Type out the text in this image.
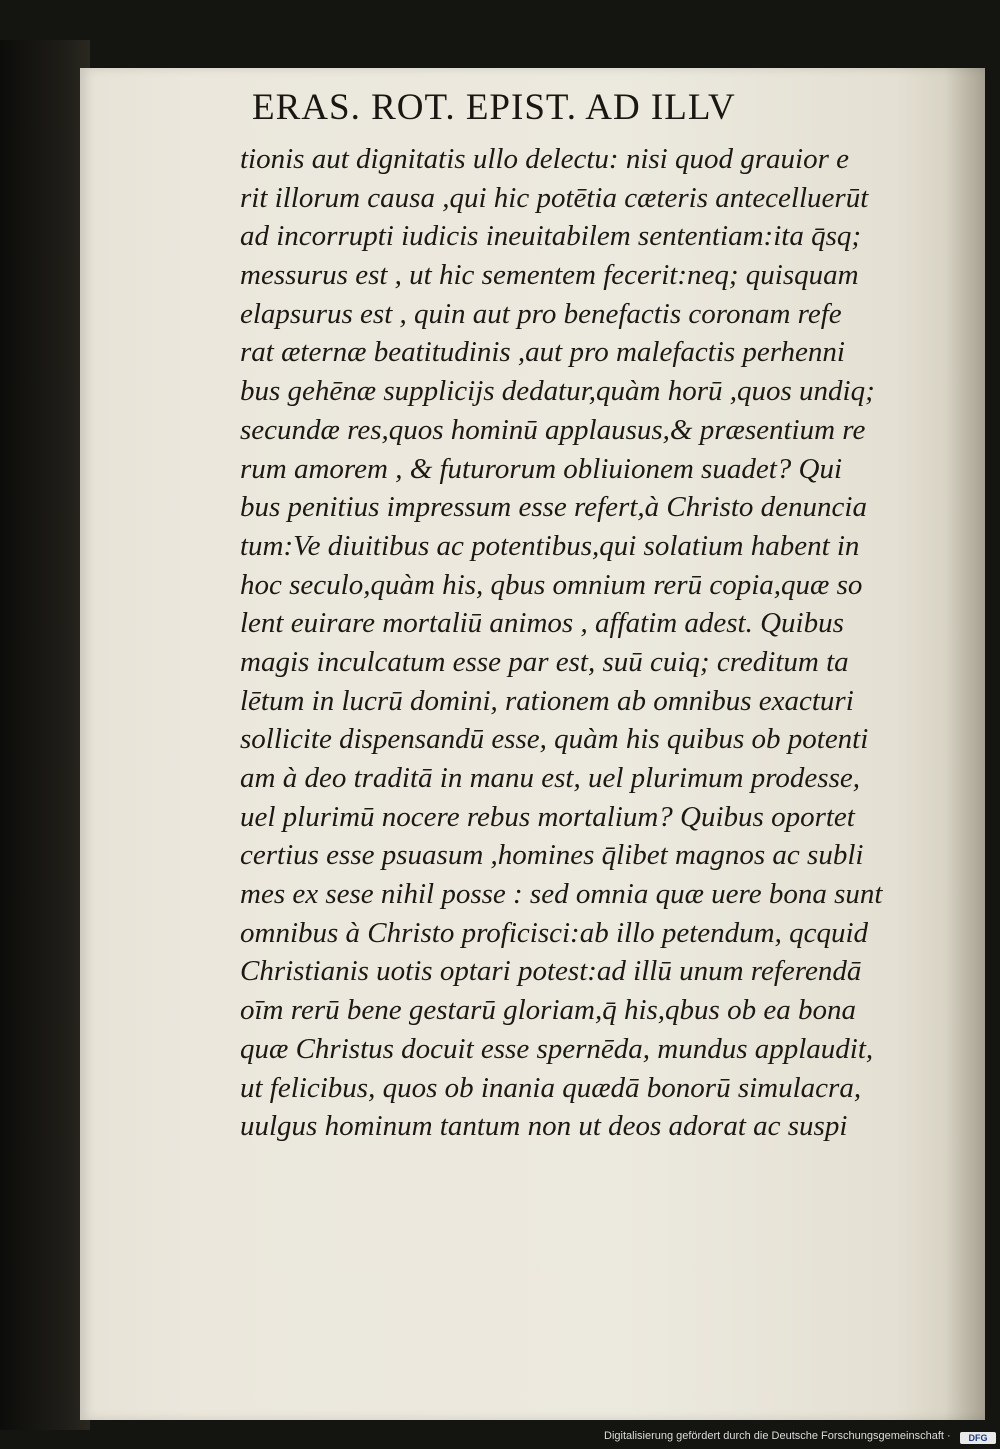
ERAS. ROT. EPIST. AD ILLV
tionis aut dignitatis ullo delectu: nisi quod grauior e
rit illorum causa ,qui hic potētia cæteris antecelluerūt
ad incorrupti iudicis ineuitabilem sententiam:ita q̄sq;
messurus est , ut hic sementem fecerit:neq; quisquam
elapsurus est , quin aut pro benefactis coronam refe
rat æternæ beatitudinis ,aut pro malefactis perhenni
bus gehēnæ supplicijs dedatur,quàm horū ,quos undiq;
secundæ res,quos hominū applausus,& præsentium re
rum amorem , & futurorum obliuionem suadet? Qui
bus penitius impressum esse refert,à Christo denuncia
tum:Ve diuitibus ac potentibus,qui solatium habent in
hoc seculo,quàm his, qbus omnium rerū copia,quæ so
lent euirare mortaliū animos , affatim adest. Quibus
magis inculcatum esse par est, suū cuiq; creditum ta
lētum in lucrū domini, rationem ab omnibus exacturi
sollicite dispensandū esse, quàm his quibus ob potenti
am à deo traditā in manu est, uel plurimum prodesse,
uel plurimū nocere rebus mortalium? Quibus oportet
certius esse psuasum ,homines q̄libet magnos ac subli
mes ex sese nihil posse : sed omnia quæ uere bona sunt
omnibus à Christo proficisci:ab illo petendum, qcquid
Christianis uotis optari potest:ad illū unum referendā
oīm rerū bene gestarū gloriam,q̄ his,qbus ob ea bona
quæ Christus docuit esse spernēda, mundus applaudit,
ut felicibus, quos ob inania quædā bonorū simulacra,
uulgus hominum tantum non ut deos adorat ac suspi
Digitalisierung gefördert durch die Deutsche Forschungsgemeinschaft ·	DFG
